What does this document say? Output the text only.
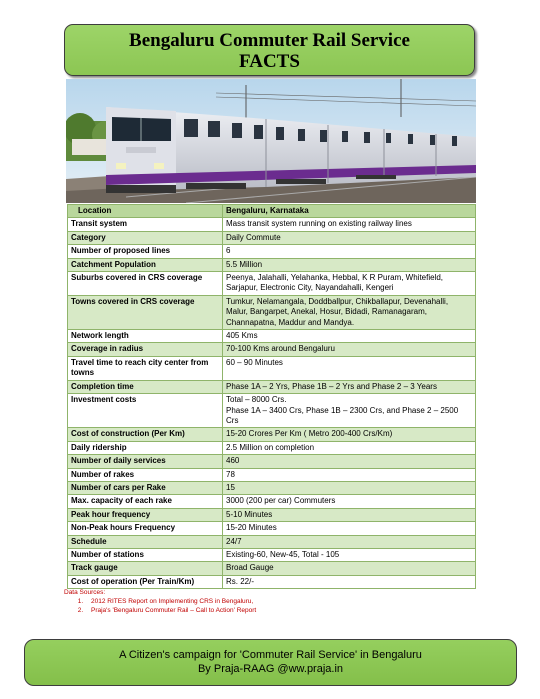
Bengaluru Commuter Rail Service
FACTS
Location	Bengaluru, Karnataka
Transit system	Mass transit system running on existing railway lines
Category	Daily Commute
Number of proposed lines	6
Catchment Population	5.5 Million
Suburbs covered in CRS coverage	Peenya, Jalahalli, Yelahanka, Hebbal, K R Puram, Whitefield, Sarjapur, Electronic City, Nayandahalli, Kengeri
Towns covered in CRS coverage	Tumkur, Nelamangala, Doddballpur, Chikballapur, Devenahalli, Malur, Bangarpet, Anekal, Hosur, Bidadi, Ramanagaram, Channapatna, Maddur and Mandya.
Network length	405 Kms
Coverage in radius	70-100 Kms around Bengaluru
Travel time to reach city center from towns	60 – 90 Minutes
Completion time	Phase 1A – 2 Yrs, Phase 1B – 2 Yrs and Phase 2 – 3 Years
Investment costs	Total – 8000 Crs.
Phase 1A – 3400 Crs, Phase 1B – 2300 Crs, and Phase 2 – 2500 Crs

Cost of construction (Per Km)	15-20 Crores Per Km ( Metro 200-400 Crs/Km)
Daily ridership	2.5 Million on completion
Number of daily services	460
Number of rakes	78
Number of cars per Rake	15
Max. capacity of each rake	3000 (200 per car) Commuters
Peak hour frequency	5-10 Minutes
Non-Peak hours Frequency	15-20 Minutes
Schedule	24/7
Number of stations	Existing-60, New-45, Total - 105
Track gauge	Broad Gauge
Cost of operation (Per Train/Km)	Rs. 22/-
Data Sources:
1. 2012 RITES Report on Implementing CRS in Bengaluru,
2. Praja's 'Bengaluru Commuter Rail – Call to Action' Report
A Citizen's campaign for 'Commuter Rail Service' in Bengaluru
By Praja-RAAG @ww.praja.in
